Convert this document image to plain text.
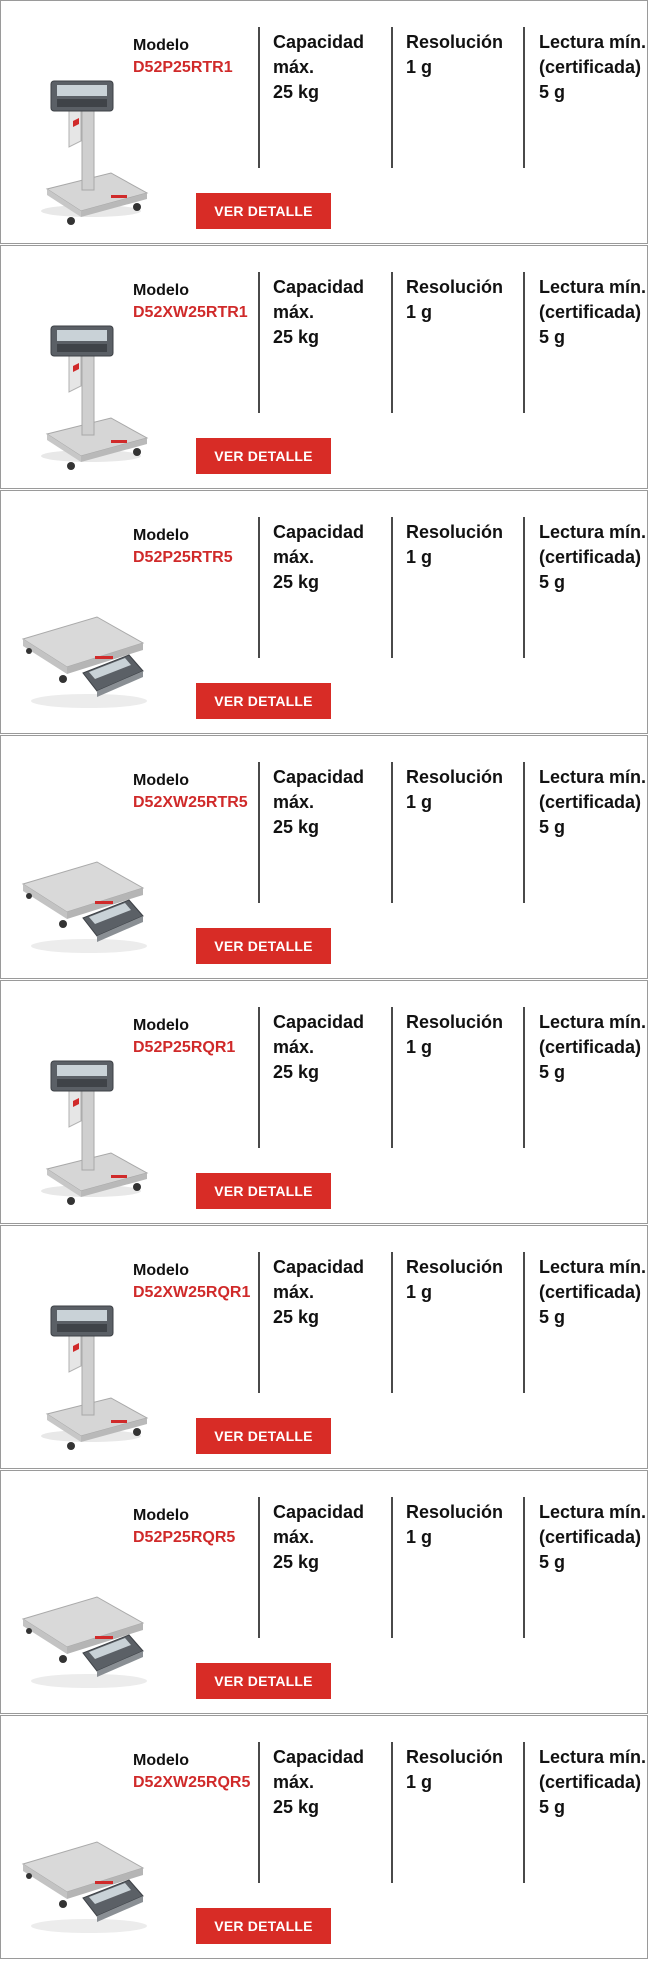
Modelo
D52P25RTR1
Capacidad
máx.
25 kg
Resolución
1 g
Lectura mín.
(certificada)
5 g
VER DETALLE
Modelo
D52XW25RTR1
Capacidad
máx.
25 kg
Resolución
1 g
Lectura mín.
(certificada)
5 g
VER DETALLE
Modelo
D52P25RTR5
Capacidad
máx.
25 kg
Resolución
1 g
Lectura mín.
(certificada)
5 g
VER DETALLE
Modelo
D52XW25RTR5
Capacidad
máx.
25 kg
Resolución
1 g
Lectura mín.
(certificada)
5 g
VER DETALLE
Modelo
D52P25RQR1
Capacidad
máx.
25 kg
Resolución
1 g
Lectura mín.
(certificada)
5 g
VER DETALLE
Modelo
D52XW25RQR1
Capacidad
máx.
25 kg
Resolución
1 g
Lectura mín.
(certificada)
5 g
VER DETALLE
Modelo
D52P25RQR5
Capacidad
máx.
25 kg
Resolución
1 g
Lectura mín.
(certificada)
5 g
VER DETALLE
Modelo
D52XW25RQR5
Capacidad
máx.
25 kg
Resolución
1 g
Lectura mín.
(certificada)
5 g
VER DETALLE
